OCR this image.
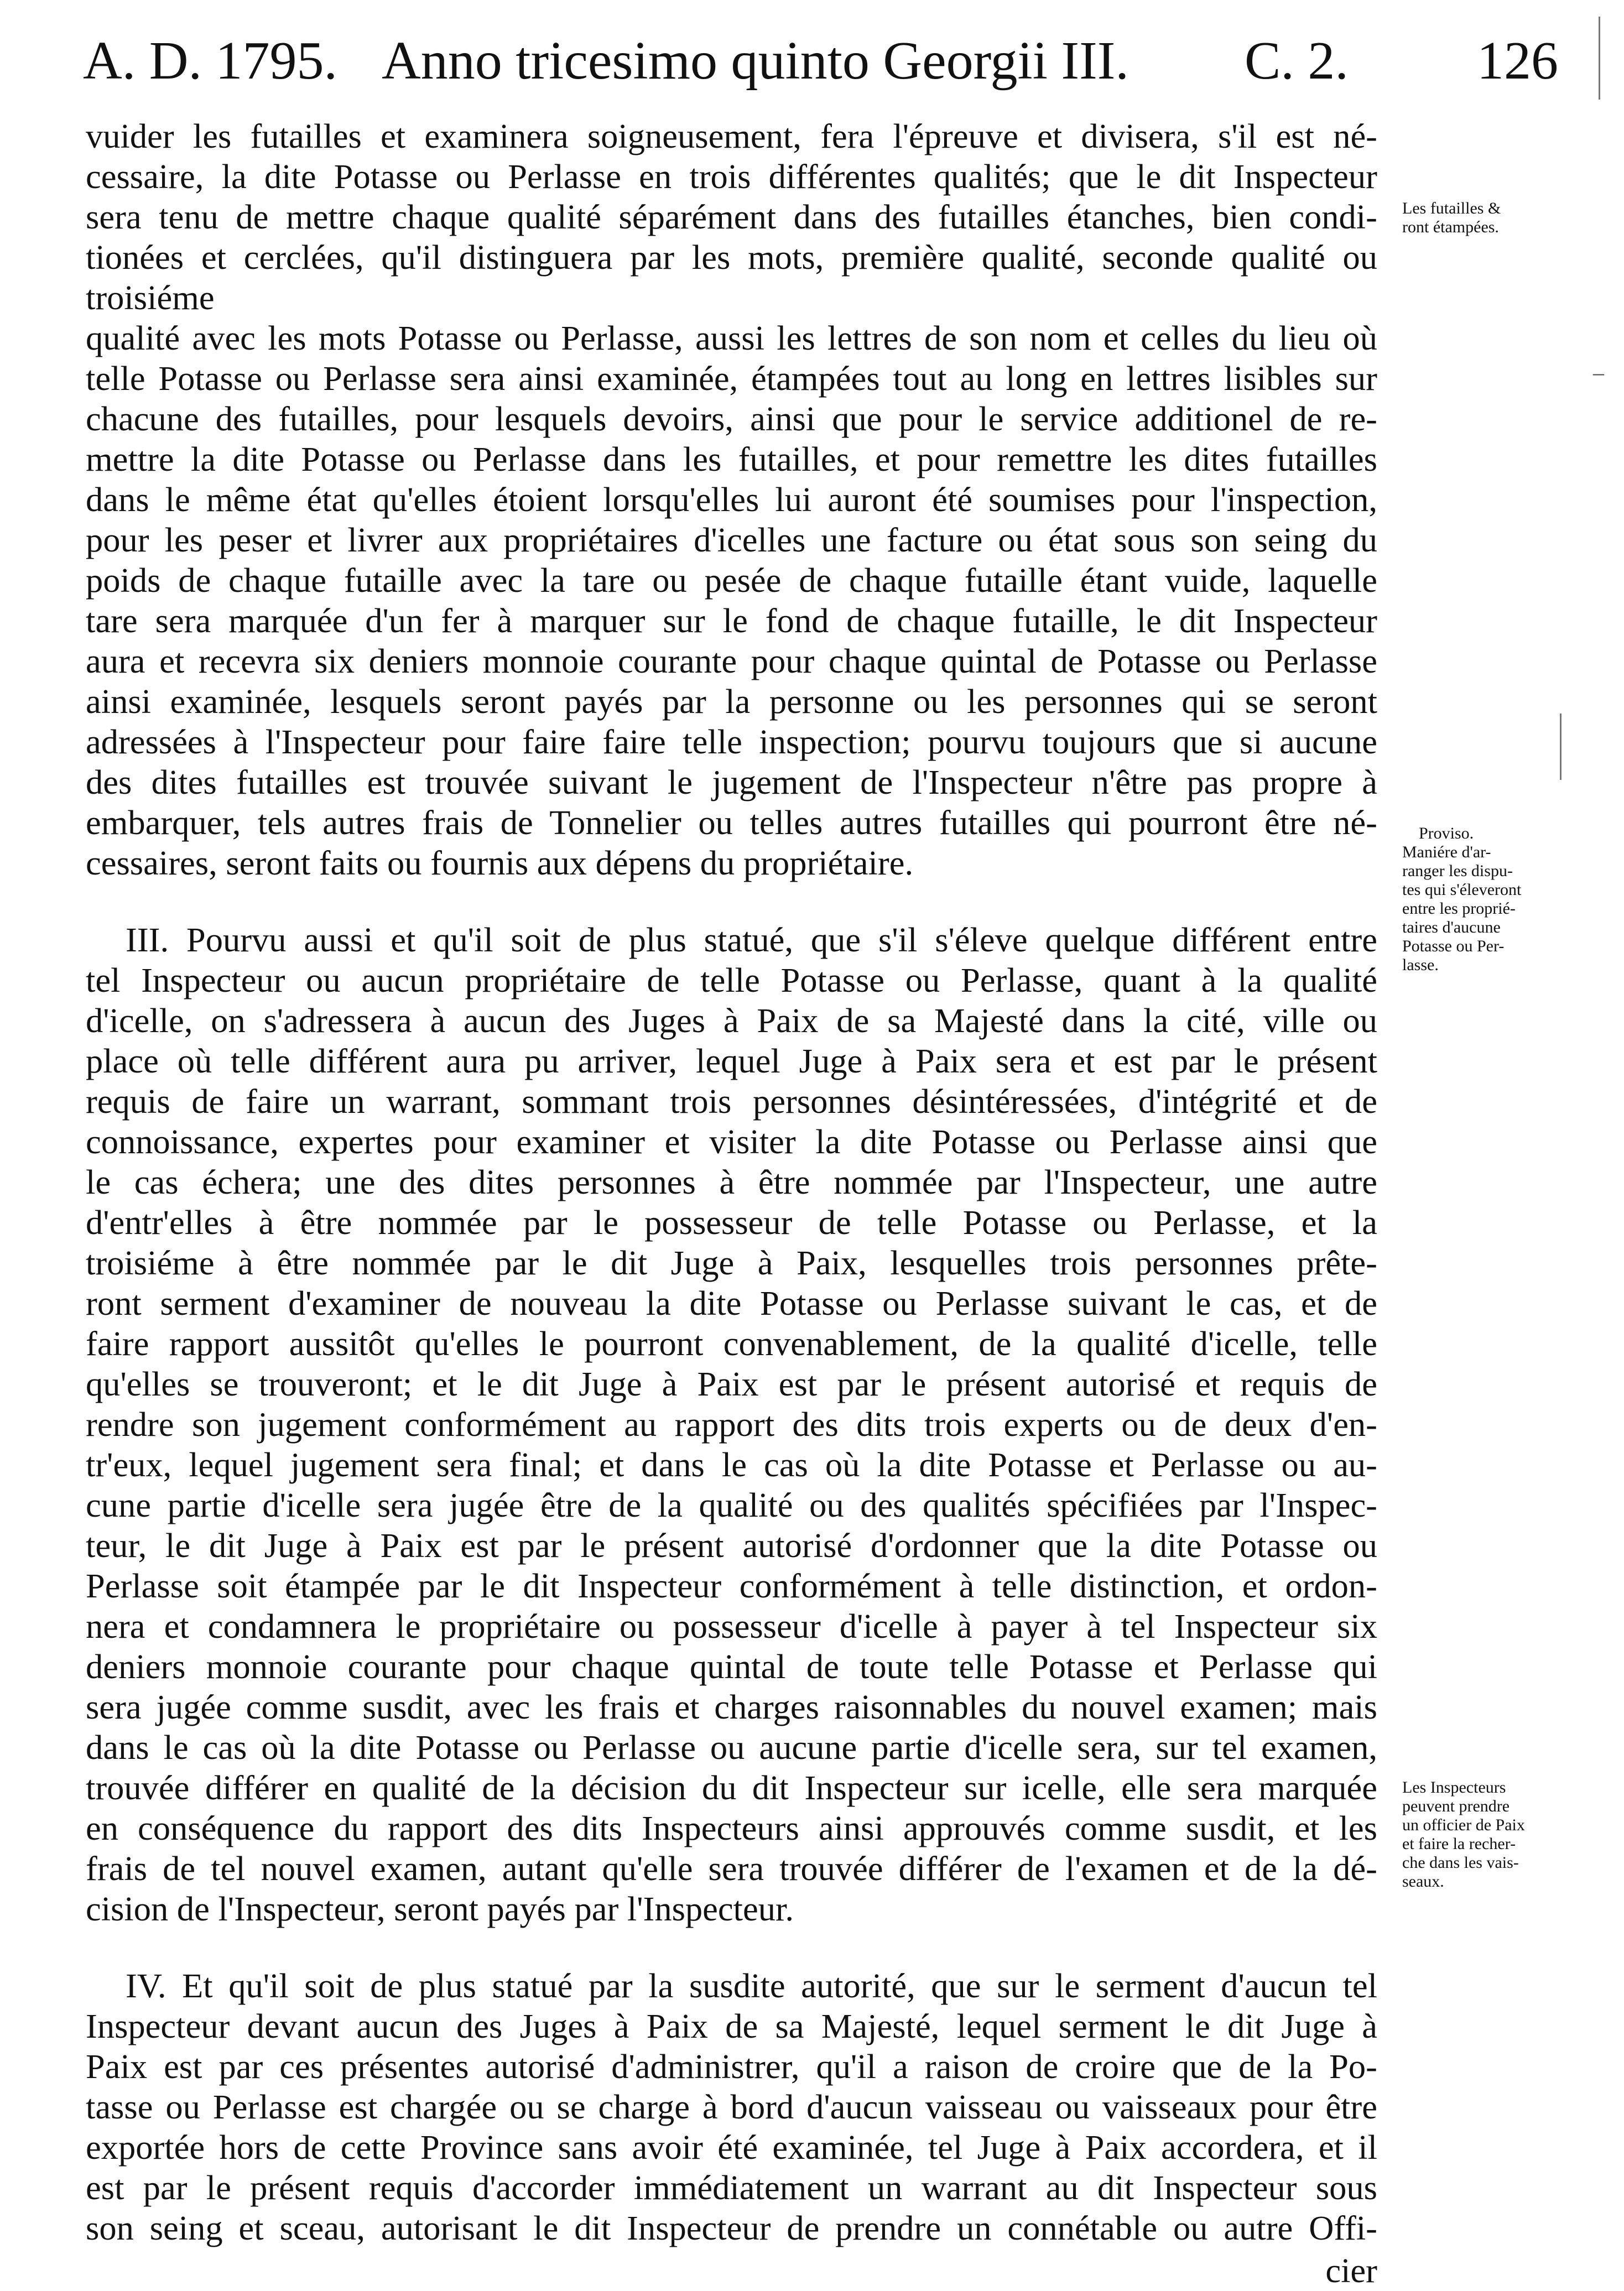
A. D. 1795. Anno tricesimo quinto Georgii III. C. 2. 126
vuider les futailles et examinera soigneusement, fera l'épreuve et divisera, s'il est né-
cessaire, la dite Potasse ou Perlasse en trois différentes qualités; que le dit Inspecteur
sera tenu de mettre chaque qualité séparément dans des futailles étanches, bien condi-
tionées et cerclées, qu'il distinguera par les mots, première qualité, seconde qualité ou troisiéme
qualité avec les mots Potasse ou Perlasse, aussi les lettres de son nom et celles du lieu où
telle Potasse ou Perlasse sera ainsi examinée, étampées tout au long en lettres lisibles sur
chacune des futailles, pour lesquels devoirs, ainsi que pour le service additionel de re-
mettre la dite Potasse ou Perlasse dans les futailles, et pour remettre les dites futailles
dans le même état qu'elles étoient lorsqu'elles lui auront été soumises pour l'inspection,
pour les peser et livrer aux propriétaires d'icelles une facture ou état sous son seing du
poids de chaque futaille avec la tare ou pesée de chaque futaille étant vuide, laquelle
tare sera marquée d'un fer à marquer sur le fond de chaque futaille, le dit Inspecteur
aura et recevra six deniers monnoie courante pour chaque quintal de Potasse ou Perlasse
ainsi examinée, lesquels seront payés par la personne ou les personnes qui se seront
adressées à l'Inspecteur pour faire faire telle inspection; pourvu toujours que si aucune
des dites futailles est trouvée suivant le jugement de l'Inspecteur n'être pas propre à
embarquer, tels autres frais de Tonnelier ou telles autres futailles qui pourront être né-
cessaires, seront faits ou fournis aux dépens du propriétaire.
III. Pourvu aussi et qu'il soit de plus statué, que s'il s'éleve quelque différent entre
tel Inspecteur ou aucun propriétaire de telle Potasse ou Perlasse, quant à la qualité
d'icelle, on s'adressera à aucun des Juges à Paix de sa Majesté dans la cité, ville ou
place où telle différent aura pu arriver, lequel Juge à Paix sera et est par le présent
requis de faire un warrant, sommant trois personnes désintéressées, d'intégrité et de
connoissance, expertes pour examiner et visiter la dite Potasse ou Perlasse ainsi que
le cas échera; une des dites personnes à être nommée par l'Inspecteur, une autre
d'entr'elles à être nommée par le possesseur de telle Potasse ou Perlasse, et la
troisiéme à être nommée par le dit Juge à Paix, lesquelles trois personnes prête-
ront serment d'examiner de nouveau la dite Potasse ou Perlasse suivant le cas, et de
faire rapport aussitôt qu'elles le pourront convenablement, de la qualité d'icelle, telle
qu'elles se trouveront; et le dit Juge à Paix est par le présent autorisé et requis de
rendre son jugement conformément au rapport des dits trois experts ou de deux d'en-
tr'eux, lequel jugement sera final; et dans le cas où la dite Potasse et Perlasse ou au-
cune partie d'icelle sera jugée être de la qualité ou des qualités spécifiées par l'Inspec-
teur, le dit Juge à Paix est par le présent autorisé d'ordonner que la dite Potasse ou
Perlasse soit étampée par le dit Inspecteur conformément à telle distinction, et ordon-
nera et condamnera le propriétaire ou possesseur d'icelle à payer à tel Inspecteur six
deniers monnoie courante pour chaque quintal de toute telle Potasse et Perlasse qui
sera jugée comme susdit, avec les frais et charges raisonnables du nouvel examen; mais
dans le cas où la dite Potasse ou Perlasse ou aucune partie d'icelle sera, sur tel examen,
trouvée différer en qualité de la décision du dit Inspecteur sur icelle, elle sera marquée
en conséquence du rapport des dits Inspecteurs ainsi approuvés comme susdit, et les
frais de tel nouvel examen, autant qu'elle sera trouvée différer de l'examen et de la dé-
cision de l'Inspecteur, seront payés par l'Inspecteur.
IV. Et qu'il soit de plus statué par la susdite autorité, que sur le serment d'aucun tel
Inspecteur devant aucun des Juges à Paix de sa Majesté, lequel serment le dit Juge à
Paix est par ces présentes autorisé d'administrer, qu'il a raison de croire que de la Po-
tasse ou Perlasse est chargée ou se charge à bord d'aucun vaisseau ou vaisseaux pour être
exportée hors de cette Province sans avoir été examinée, tel Juge à Paix accordera, et il
est par le présent requis d'accorder immédiatement un warrant au dit Inspecteur sous
son seing et sceau, autorisant le dit Inspecteur de prendre un connétable ou autre Offi-
cier
Les futailles &
ront étampées.
Proviso.
Maniére d'ar-
ranger les dispu-
tes qui s'éleveront
entre les proprié-
taires d'aucune
Potasse ou Per-
lasse.
Les Inspecteurs
peuvent prendre
un officier de Paix
et faire la recher-
che dans les vais-
seaux.
–
